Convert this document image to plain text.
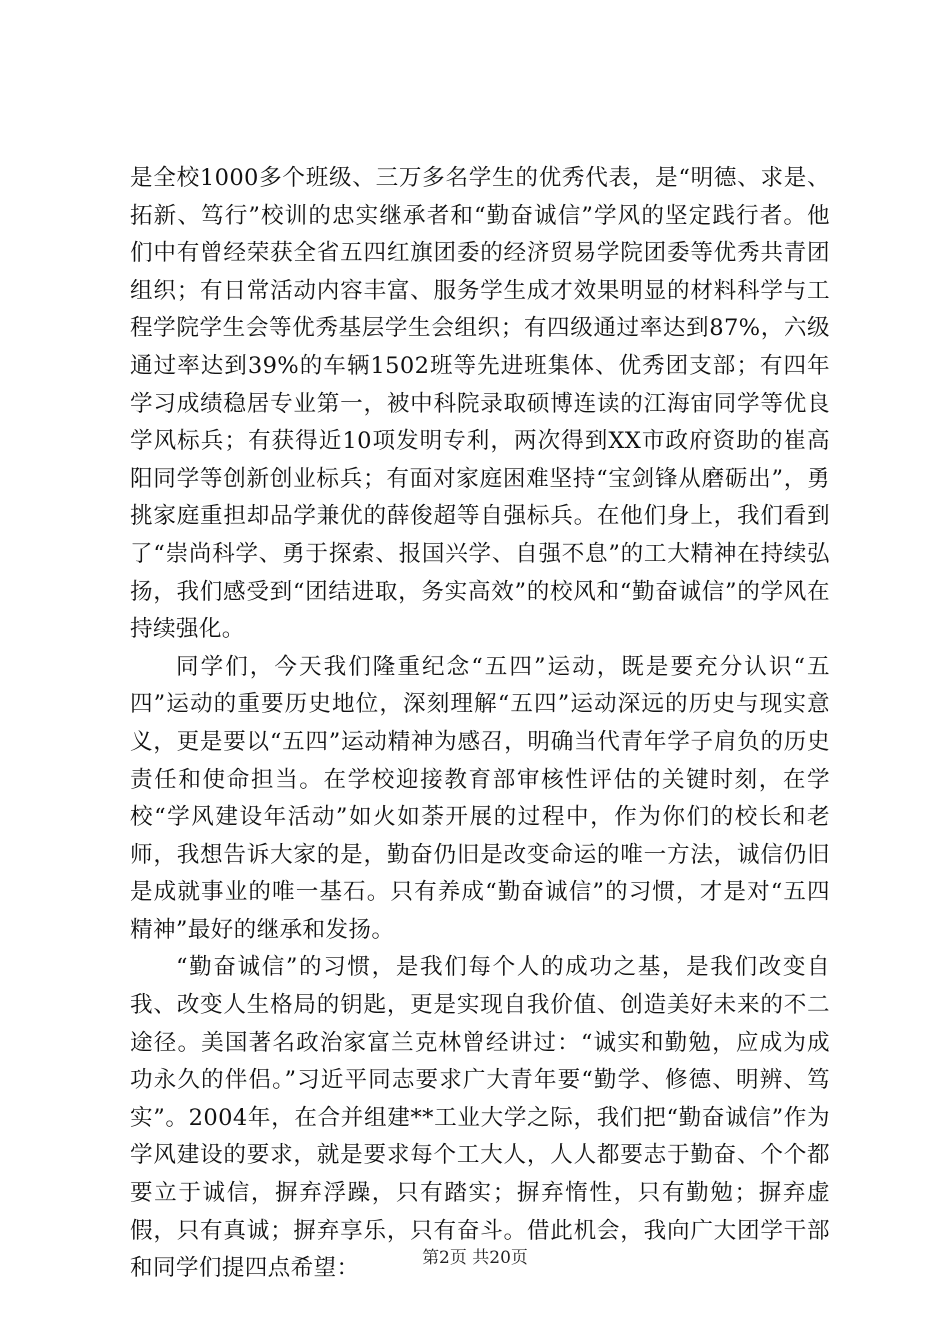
是全校1000多个班级、三万多名学生的优秀代表，是“明德、求是、拓新、笃行”校训的忠实继承者和“勤奋诚信”学风的坚定践行者。他们中有曾经荣获全省五四红旗团委的经济贸易学院团委等优秀共青团组织；有日常活动内容丰富、服务学生成才效果明显的材料科学与工程学院学生会等优秀基层学生会组织；有四级通过率达到87%，六级通过率达到39%的车辆1502班等先进班集体、优秀团支部；有四年学习成绩稳居专业第一，被中科院录取硕博连读的江海宙同学等优良学风标兵；有获得近10项发明专利，两次得到XX市政府资助的崔高阳同学等创新创业标兵；有面对家庭困难坚持“宝剑锋从磨砺出”，勇挑家庭重担却品学兼优的薛俊超等自强标兵。在他们身上，我们看到了“崇尚科学、勇于探索、报国兴学、自强不息”的工大精神在持续弘扬，我们感受到“团结进取，务实高效”的校风和“勤奋诚信”的学风在持续强化。

同学们，今天我们隆重纪念“五四”运动，既是要充分认识“五四”运动的重要历史地位，深刻理解“五四”运动深远的历史与现实意义，更是要以“五四”运动精神为感召，明确当代青年学子肩负的历史责任和使命担当。在学校迎接教育部审核性评估的关键时刻，在学校“学风建设年活动”如火如荼开展的过程中，作为你们的校长和老师，我想告诉大家的是，勤奋仍旧是改变命运的唯一方法，诚信仍旧是成就事业的唯一基石。只有养成“勤奋诚信”的习惯，才是对“五四精神”最好的继承和发扬。

“勤奋诚信”的习惯，是我们每个人的成功之基，是我们改变自我、改变人生格局的钥匙，更是实现自我价值、创造美好未来的不二途径。美国著名政治家富兰克林曾经讲过：“诚实和勤勉，应成为成功永久的伴侣。”习近平同志要求广大青年要“勤学、修德、明辨、笃实”。2004年，在合并组建**工业大学之际，我们把“勤奋诚信”作为学风建设的要求，就是要求每个工大人，人人都要志于勤奋、个个都要立于诚信，摒弃浮躁，只有踏实；摒弃惰性，只有勤勉；摒弃虚假，只有真诚；摒弃享乐，只有奋斗。借此机会，我向广大团学干部和同学们提四点希望：	第2页 共20页
